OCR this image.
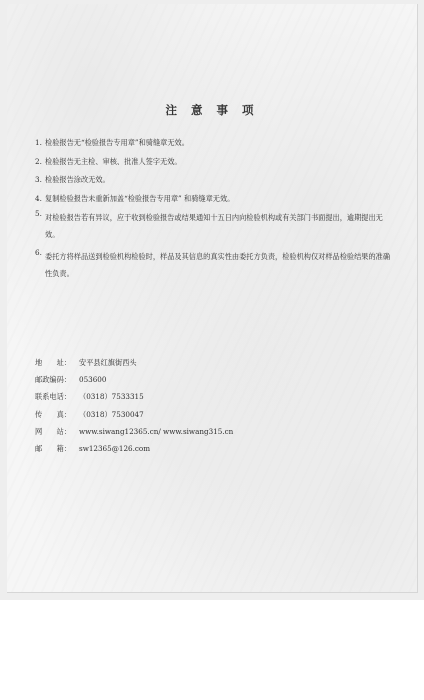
注 意 事 项
1. 检验报告无“检验报告专用章”和骑缝章无效。
2. 检验报告无主检、审核、批准人签字无效。
3. 检验报告涂改无效。
4. 复制检验报告未重新加盖“检验报告专用章” 和骑缝章无效。
5. 对检验报告若有异议，应于收到检验报告或结果通知十五日内向检验机构或有关部门书面提出，逾期提出无效。
6. 委托方将样品送到检验机构检验时，样品及其信息的真实性由委托方负责，检验机构仅对样品检验结果的准确性负责。
地　　址： 安平县红旗街西头
邮政编码： 053600
联系电话： （0318）7533315
传　　真： （0318）7530047
网　　站： www.siwang12365.cn/ www.siwang315.cn
邮　　箱： sw12365@126.com
